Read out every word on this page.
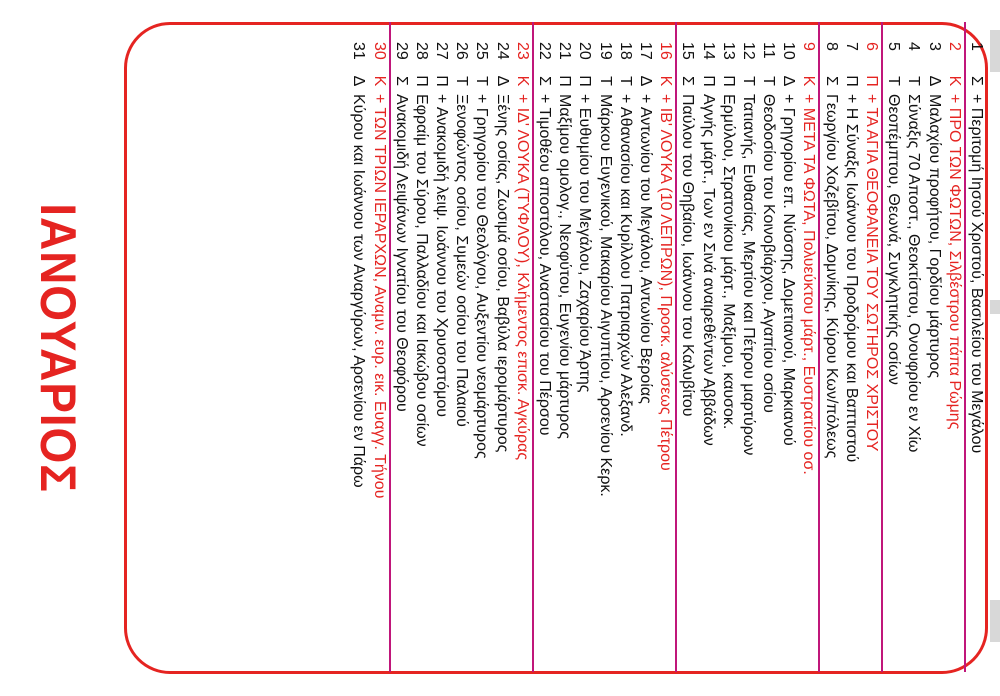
1
Σ
+ Περιτομή Ιησού Χριστού, Βασιλείου του Μεγάλου
2
Κ
+ ΠΡΟ ΤΩΝ ΦΩΤΩΝ, Σιλβέστρου πάπα Ρώμης
3
Δ
Μαλαχίου προφήτου, Γορδίου μάρτυρος
4
Τ
Σύναξις 70 Αποστ., Θεοκτίστου, Ονουφρίου εν Χίω
5
Τ
Θεοπέμπτου, Θεωνά, Συγκλητικής οσίων
6
Π
+ ΤΑ ΑΓΙΑ ΘΕΟΦΑΝΕΙΑ ΤΟΥ ΣΩΤΗΡΟΣ ΧΡΙΣΤΟΥ
7
Π
+ Η Σύναξις Ιωάννου του Προδρόμου και Βαπτιστού
8
Σ
Γεωργίου Χοζεβίτου, Δομνίκης, Κύρου Κων/πόλεως
9
Κ
+ ΜΕΤΑ ΤΑ ΦΩΤΑ, Πολυεύκτου μάρτ., Ευστρατίου οσ.
10
Δ
+ Γρηγορίου επ. Νύσσης, Δομετιανού, Μαρκιανού
11
Τ
Θεοδοσίου του Κοινοβιάρχου, Αγαπίου οσίου
12
Τ
Τατιανής, Ευθασίας, Μερτίου και Πέτρου μαρτύρων
13
Π
Ερμύλου, Στρατονίκου μάρτ., Μαξίμου, καυσοκ.
14
Π
Αγνής μάρτ., Των εν Σινά αναιρεθέντων Αββάδων
15
Σ
Παύλου του Θηβαίου, Ιωάννου του Καλυβίτου
16
Κ
+ ΙΒ' ΛΟΥΚΑ (10 ΛΕΠΡΩΝ), Προσκ. αλύσεως Πέτρου
17
Δ
+ Αντωνίου του Μεγάλου, Αντωνίου Βεροίας
18
Τ
+ Αθανασίου και Κυρίλλου Πατριαρχών Αλεξανδ.
19
Τ
Μάρκου Ευγενικού, Μακαρίου Αιγυπτίου, Αρσενίου Κερκ.
20
Π
+ Ευθυμίου του Μεγάλου, Ζαχαρίου Άρτης
21
Π
Μαξίμου ομολογ., Νεοφύτου, Ευγενίου μάρτυρος
22
Σ
+ Τιμοθέου αποστόλου, Αναστασίου του Πέρσου
23
Κ
+ ΙΔ' ΛΟΥΚΑ (ΤΥΦΛΟΥ), Κλήμεντος επισκ. Αγκύρας
24
Δ
Ξένης οσίας, Ζωσιμά οσίου, Βαβύλα ιερομάρτυρος
25
Τ
+ Γρηγορίου του Θεολόγου, Αυξεντίου νεομάρτυρος
26
Τ
Ξενοφώντος οσίου, Συμεών οσίου του Παλαιού
27
Π
+ Ανακομιδή λειψ. Ιωάννου του Χρυσοστόμου
28
Π
Εφραίμ του Σύρου, Παλλαδίου και Ιακώβου οσίων
29
Σ
Ανακομιδή Λειψάνων Ιγνατίου του Θεοφόρου
30
Κ
+ ΤΩΝ ΤΡΙΩΝ ΙΕΡΑΡΧΩΝ, Αναμν. ευρ. εικ. Ευαγγ. Τήνου
31
Δ
Κύρου και Ιωάννου των Αναργύρων, Αρσενίου εν Πάρω
ΙΑΝΟΥΑΡΙΟΣ
